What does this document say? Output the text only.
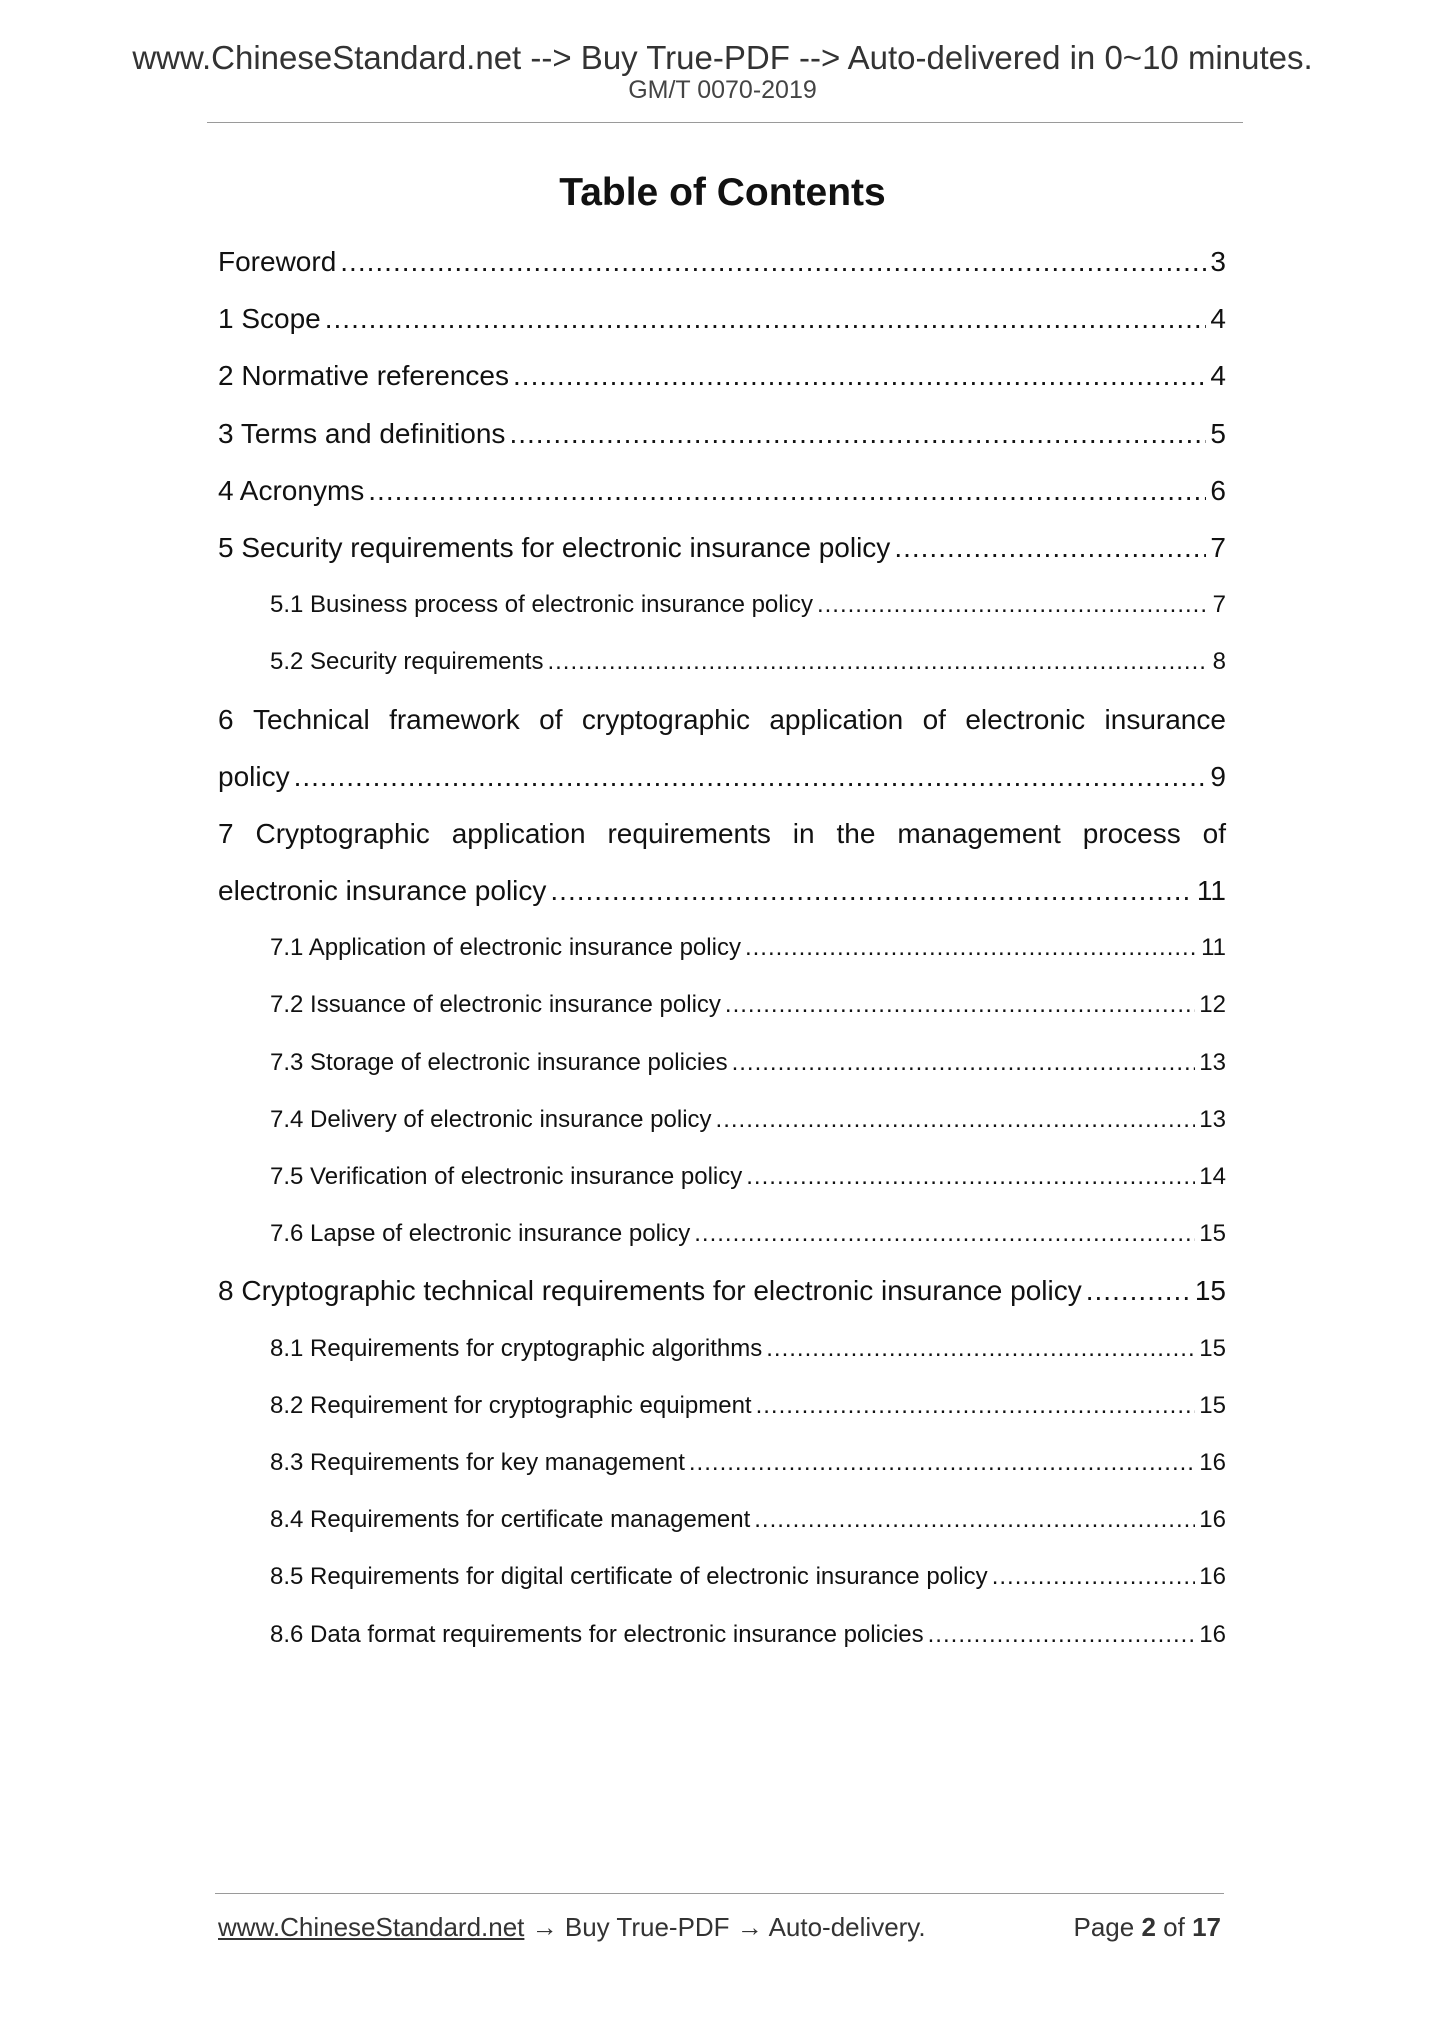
www.ChineseStandard.net --> Buy True-PDF --> Auto-delivered in 0~10 minutes.
GM/T 0070-2019
Table of Contents
Foreword .....	3
1 Scope .....	4
2 Normative references .....	4
3 Terms and definitions .....	5
4 Acronyms .....	6
5 Security requirements for electronic insurance policy .....	7
5.1 Business process of electronic insurance policy .....	7
5.2 Security requirements .....	8
6 Technical framework of cryptographic application of electronic insurance
policy .....	9
7 Cryptographic application requirements in the management process of
electronic insurance policy .....	11
7.1 Application of electronic insurance policy .....	11
7.2 Issuance of electronic insurance policy .....	12
7.3 Storage of electronic insurance policies .....	13
7.4 Delivery of electronic insurance policy .....	13
7.5 Verification of electronic insurance policy .....	14
7.6 Lapse of electronic insurance policy .....	15
8 Cryptographic technical requirements for electronic insurance policy .....	15
8.1 Requirements for cryptographic algorithms .....	15
8.2 Requirement for cryptographic equipment .....	15
8.3 Requirements for key management .....	16
8.4 Requirements for certificate management .....	16
8.5 Requirements for digital certificate of electronic insurance policy .....	16
8.6 Data format requirements for electronic insurance policies .....	16
www.ChineseStandard.net → Buy True-PDF → Auto-delivery.	Page 2 of 17
